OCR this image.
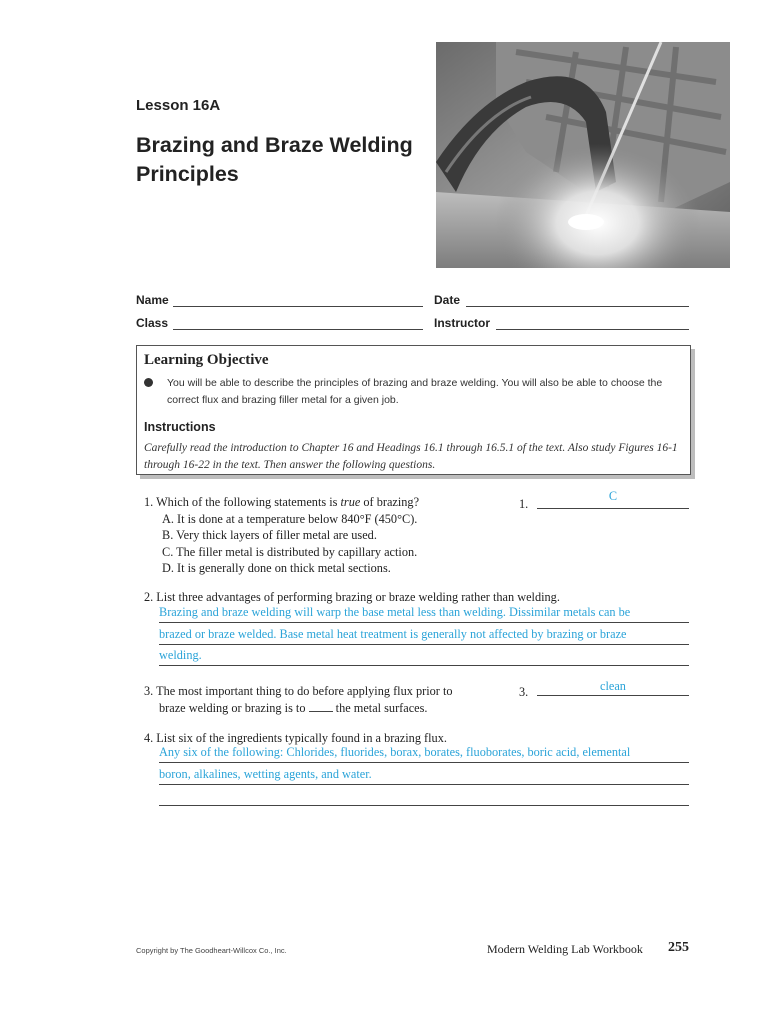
Lesson 16A
Brazing and Braze Welding Principles
Name	Date
Class	Instructor
Learning Objective
You will be able to describe the principles of brazing and braze welding. You will also be able to choose the correct flux and brazing filler metal for a given job.
Instructions
Carefully read the introduction to Chapter 16 and Headings 16.1 through 16.5.1 of the text. Also study Figures 16-1 through 16-22 in the text. Then answer the following questions.
1. Which of the following statements is true of brazing?
A. It is done at a temperature below 840°F (450°C).
B. Very thick layers of filler metal are used.
C. The filler metal is distributed by capillary action.
D. It is generally done on thick metal sections.
1.
C
2. List three advantages of performing brazing or braze welding rather than welding.
Brazing and braze welding will warp the base metal less than welding. Dissimilar metals can be
brazed or braze welded. Base metal heat treatment is generally not affected by brazing or braze
welding.
3. The most important thing to do before applying flux prior to
braze welding or brazing is to the metal surfaces.
3.	clean
4. List six of the ingredients typically found in a brazing flux.
Any six of the following: Chlorides, fluorides, borax, borates, fluoborates, boric acid, elemental
boron, alkalines, wetting agents, and water.
Copyright by The Goodheart-Willcox Co., Inc.	Modern Welding Lab Workbook 255
